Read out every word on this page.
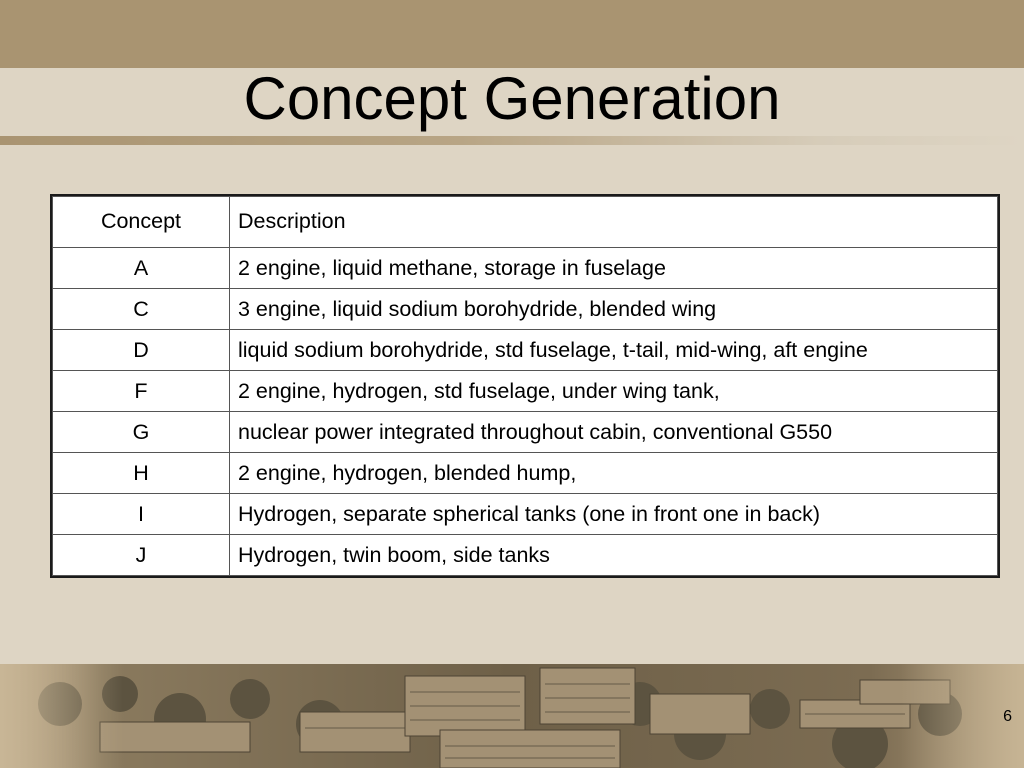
Concept Generation
Concept	Description
A	2 engine, liquid methane, storage in fuselage
C	3 engine, liquid sodium borohydride, blended wing
D	liquid sodium borohydride, std fuselage, t-tail, mid-wing, aft engine
F	2 engine, hydrogen, std fuselage, under wing tank,
G	nuclear power integrated throughout cabin, conventional G550
H	2 engine, hydrogen, blended hump,
I	Hydrogen, separate spherical tanks (one in front one in back)
J	Hydrogen, twin boom, side tanks
6
